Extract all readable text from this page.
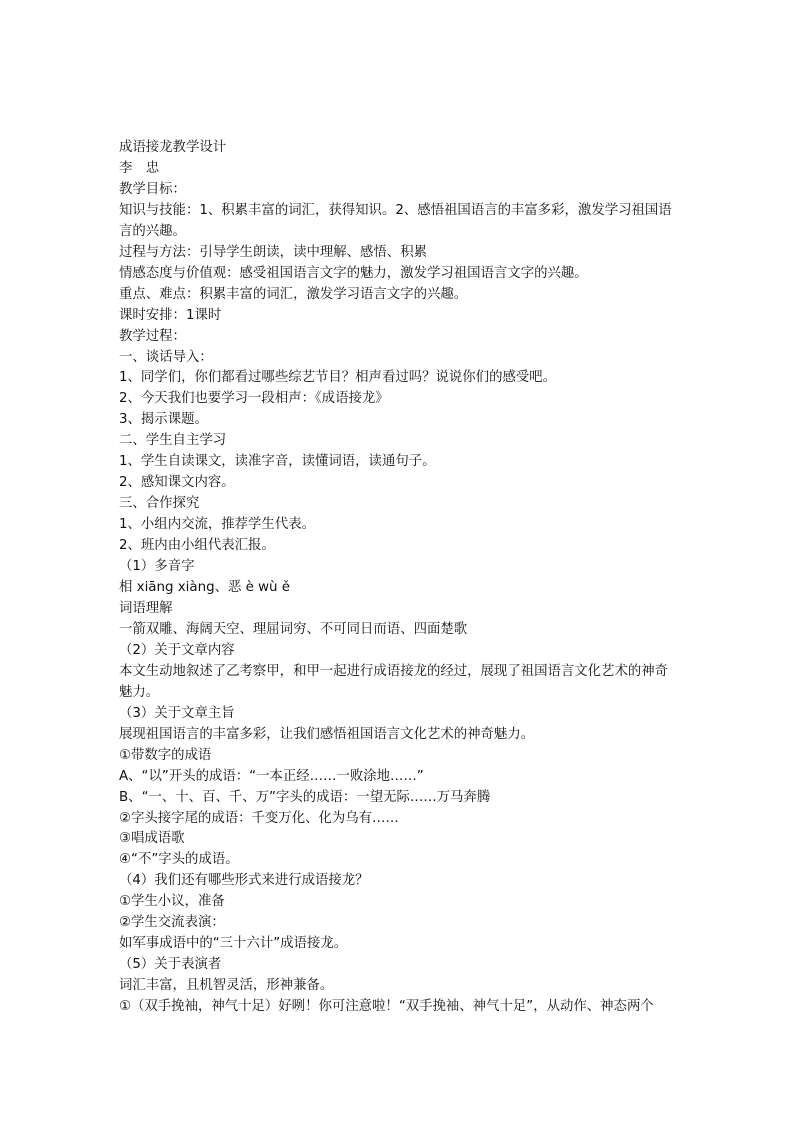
成语接龙教学设计
李　忠
教学目标：
知识与技能：1、积累丰富的词汇，获得知识。2、感悟祖国语言的丰富多彩，激发学习祖国语言的兴趣。
过程与方法：引导学生朗读，读中理解、感悟、积累
情感态度与价值观：感受祖国语言文字的魅力，激发学习祖国语言文字的兴趣。
重点、难点：积累丰富的词汇，激发学习语言文字的兴趣。
课时安排：1课时
教学过程：
一、谈话导入：
1、同学们，你们都看过哪些综艺节目？相声看过吗？说说你们的感受吧。
2、今天我们也要学习一段相声：《成语接龙》
3、揭示课题。
二、学生自主学习
1、学生自读课文，读准字音，读懂词语，读通句子。
2、感知课文内容。
三、合作探究
1、小组内交流，推荐学生代表。
2、班内由小组代表汇报。
（1）多音字
相 xiāng xiàng、恶 è wù ě
词语理解
一箭双雕、海阔天空、理屈词穷、不可同日而语、四面楚歌
（2）关于文章内容
本文生动地叙述了乙考察甲，和甲一起进行成语接龙的经过，展现了祖国语言文化艺术的神奇魅力。
（3）关于文章主旨
展现祖国语言的丰富多彩，让我们感悟祖国语言文化艺术的神奇魅力。
①带数字的成语
A、“以”开头的成语：“一本正经……一败涂地……”
B、“一、十、百、千、万”字头的成语：一望无际……万马奔腾
②字头接字尾的成语：千变万化、化为乌有……
③唱成语歌
④“不”字头的成语。
（4）我们还有哪些形式来进行成语接龙？
①学生小议，准备
②学生交流表演：
如军事成语中的“三十六计”成语接龙。
（5）关于表演者
词汇丰富，且机智灵活，形神兼备。
①（双手挽袖，神气十足）好咧！你可注意啦！“双手挽袖、神气十足”，从动作、神态两个
